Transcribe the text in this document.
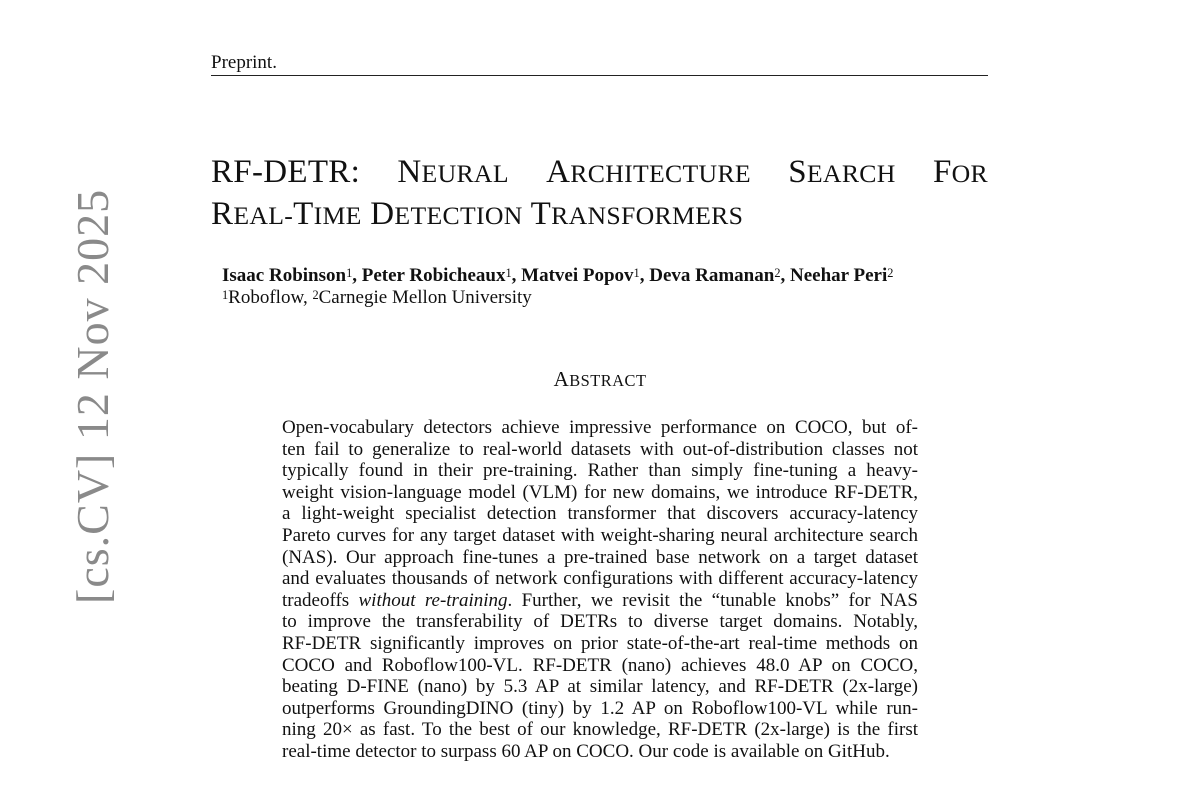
Preprint.
RF-DETR: NEURAL ARCHITECTURE SEARCH FOR
REAL-TIME DETECTION TRANSFORMERS
Isaac Robinson$^1$, Peter Robicheaux$^1$, Matvei Popov$^1$, Deva Ramanan$^2$, Neehar Peri$^2$
$^1$Roboflow, $^2$Carnegie Mellon University
ABSTRACT
Open-vocabulary detectors achieve impressive performance on COCO, but of-
ten fail to generalize to real-world datasets with out-of-distribution classes not
typically found in their pre-training. Rather than simply fine-tuning a heavy-
weight vision-language model (VLM) for new domains, we introduce RF-DETR,
a light-weight specialist detection transformer that discovers accuracy-latency
Pareto curves for any target dataset with weight-sharing neural architecture search
(NAS). Our approach fine-tunes a pre-trained base network on a target dataset
and evaluates thousands of network configurations with different accuracy-latency
tradeoffs without re-training. Further, we revisit the “tunable knobs” for NAS
to improve the transferability of DETRs to diverse target domains. Notably,
RF-DETR significantly improves on prior state-of-the-art real-time methods on
COCO and Roboflow100-VL. RF-DETR (nano) achieves 48.0 AP on COCO,
beating D-FINE (nano) by 5.3 AP at similar latency, and RF-DETR (2x-large)
outperforms GroundingDINO (tiny) by 1.2 AP on Roboflow100-VL while run-
ning 20× as fast. To the best of our knowledge, RF-DETR (2x-large) is the first
real-time detector to surpass 60 AP on COCO. Our code is available on GitHub.
[cs.CV] 12 Nov 2025
